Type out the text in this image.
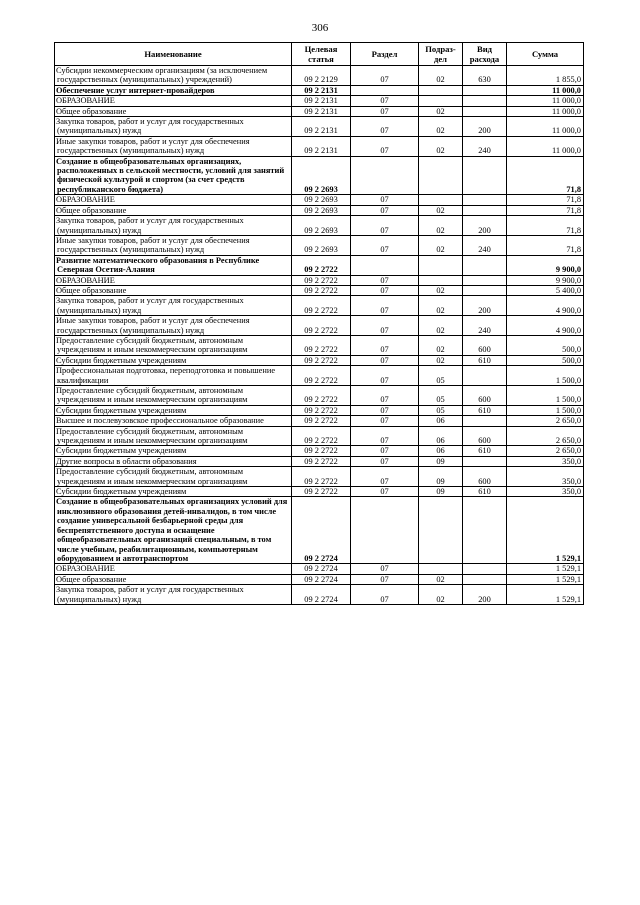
306
Наименование	Целевая статья	Раздел	Подраз-дел	Вид расхода	Сумма
Субсидии некоммерческим организациям (за исключением государственных (муниципальных) учреждений)	09 2 2129	07	02	630	1 855,0
Обеспечение услуг интернет-провайдеров	09 2 2131				11 000,0
ОБРАЗОВАНИЕ	09 2 2131	07			11 000,0
Общее образование	09 2 2131	07	02		11 000,0
Закупка товаров, работ и услуг для государственных (муниципальных) нужд	09 2 2131	07	02	200	11 000,0
Иные закупки товаров, работ и услуг для обеспечения государственных (муниципальных) нужд	09 2 2131	07	02	240	11 000,0
Создание в общеобразовательных организациях, расположенных в сельской местности, условий для занятий физической культурой и спортом (за счет средств республиканского бюджета)	09 2 2693				71,8
ОБРАЗОВАНИЕ	09 2 2693	07			71,8
Общее образование	09 2 2693	07	02		71,8
Закупка товаров, работ и услуг для государственных (муниципальных) нужд	09 2 2693	07	02	200	71,8
Иные закупки товаров, работ и услуг для обеспечения государственных (муниципальных) нужд	09 2 2693	07	02	240	71,8
Развитие математического образования в Республике Северная Осетия-Алания	09 2 2722				9 900,0
ОБРАЗОВАНИЕ	09 2 2722	07			9 900,0
Общее образование	09 2 2722	07	02		5 400,0
Закупка товаров, работ и услуг для государственных (муниципальных) нужд	09 2 2722	07	02	200	4 900,0
Иные закупки товаров, работ и услуг для обеспечения государственных (муниципальных) нужд	09 2 2722	07	02	240	4 900,0
Предоставление субсидий бюджетным, автономным учреждениям и иным некоммерческим организациям	09 2 2722	07	02	600	500,0
Субсидии бюджетным учреждениям	09 2 2722	07	02	610	500,0
Профессиональная подготовка, переподготовка и повышение квалификации	09 2 2722	07	05		1 500,0
Предоставление субсидий бюджетным, автономным учреждениям и иным некоммерческим организациям	09 2 2722	07	05	600	1 500,0
Субсидии бюджетным учреждениям	09 2 2722	07	05	610	1 500,0
Высшее и послевузовское профессиональное образование	09 2 2722	07	06		2 650,0
Предоставление субсидий бюджетным, автономным учреждениям и иным некоммерческим организациям	09 2 2722	07	06	600	2 650,0
Субсидии бюджетным учреждениям	09 2 2722	07	06	610	2 650,0
Другие вопросы в области образования	09 2 2722	07	09		350,0
Предоставление субсидий бюджетным, автономным учреждениям и иным некоммерческим организациям	09 2 2722	07	09	600	350,0
Субсидии бюджетным учреждениям	09 2 2722	07	09	610	350,0
Создание в общеобразовательных организациях условий для инклюзивного образования детей-инвалидов, в том числе создание универсальной безбарьерной среды для беспрепятственного доступа и оснащение общеобразовательных организаций специальным, в том числе учебным, реабилитационным, компьютерным оборудованием и автотранспортом	09 2 2724				1 529,1
ОБРАЗОВАНИЕ	09 2 2724	07			1 529,1
Общее образование	09 2 2724	07	02		1 529,1
Закупка товаров, работ и услуг для государственных (муниципальных) нужд	09 2 2724	07	02	200	1 529,1
